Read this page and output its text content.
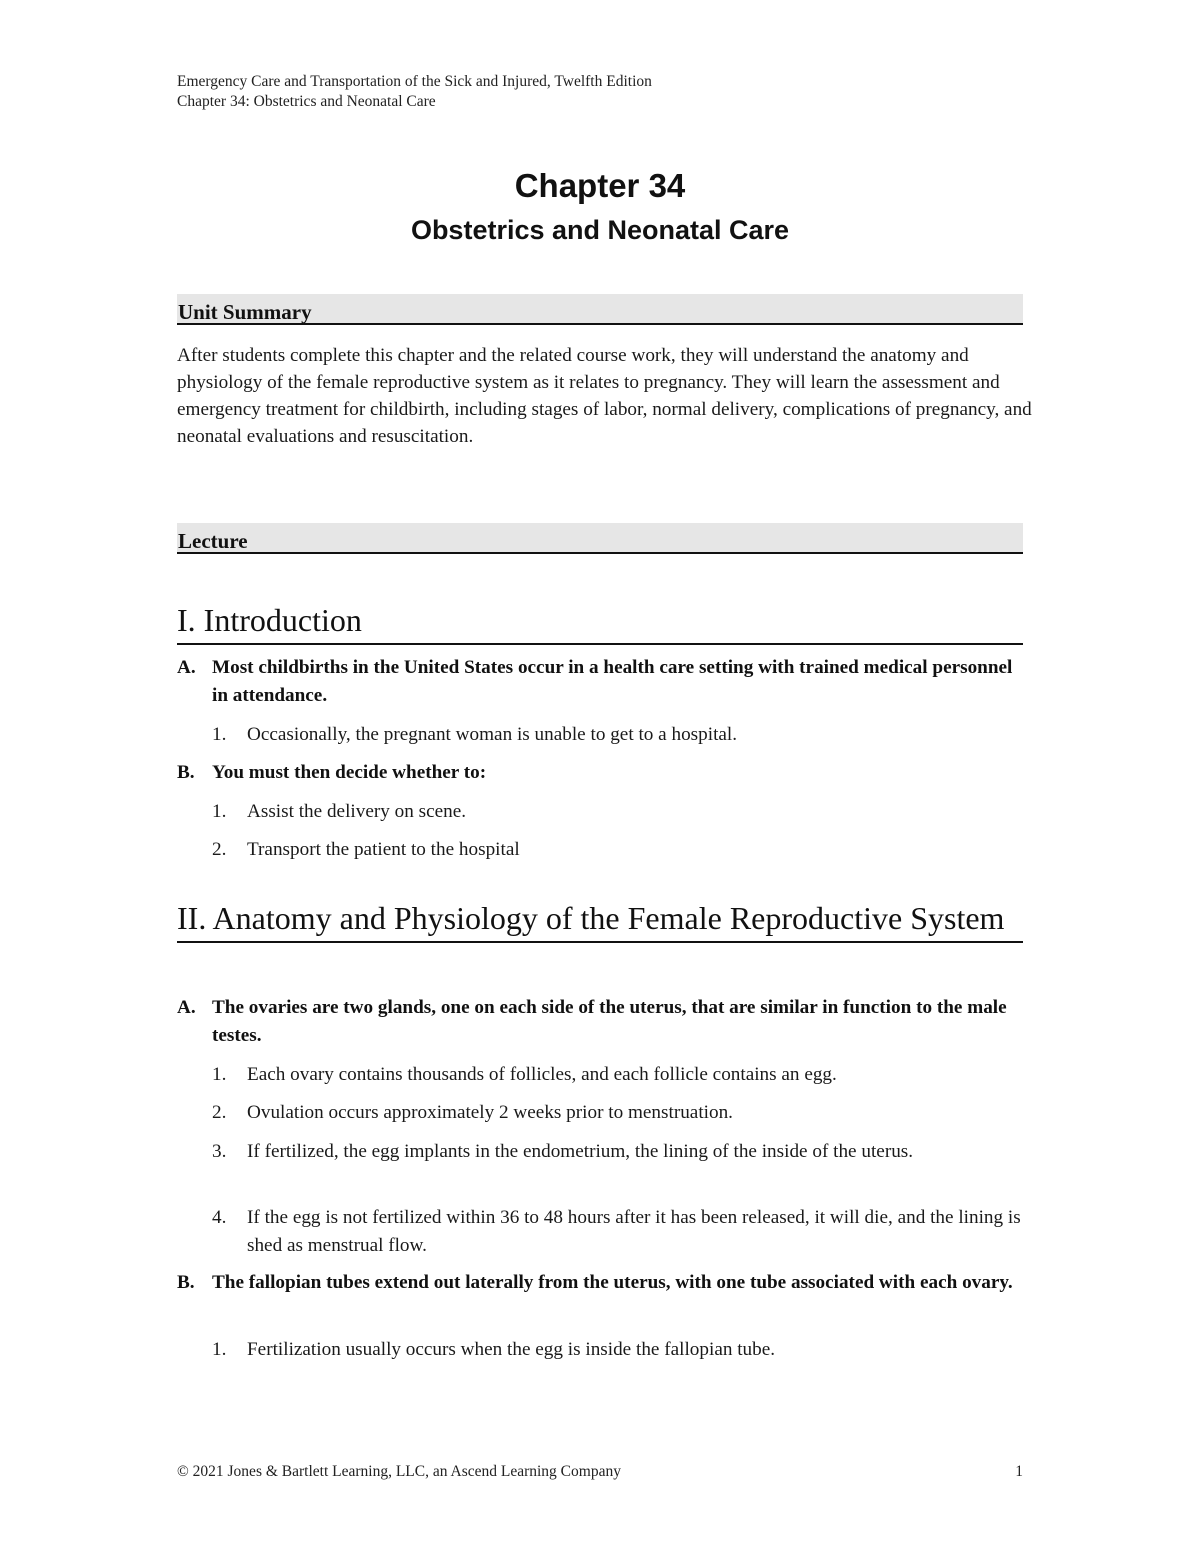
Emergency Care and Transportation of the Sick and Injured, Twelfth Edition
Chapter 34: Obstetrics and Neonatal Care
Chapter 34
Obstetrics and Neonatal Care
Unit Summary
After students complete this chapter and the related course work, they will understand the anatomy and physiology of the female reproductive system as it relates to pregnancy. They will learn the assessment and emergency treatment for childbirth, including stages of labor, normal delivery, complications of pregnancy, and neonatal evaluations and resuscitation.
Lecture
I. Introduction
A. Most childbirths in the United States occur in a health care setting with trained medical personnel in attendance.
1. Occasionally, the pregnant woman is unable to get to a hospital.
B. You must then decide whether to:
1. Assist the delivery on scene.
2. Transport the patient to the hospital
II. Anatomy and Physiology of the Female Reproductive System
A. The ovaries are two glands, one on each side of the uterus, that are similar in function to the male testes.
1. Each ovary contains thousands of follicles, and each follicle contains an egg.
2. Ovulation occurs approximately 2 weeks prior to menstruation.
3. If fertilized, the egg implants in the endometrium, the lining of the inside of the uterus.
4. If the egg is not fertilized within 36 to 48 hours after it has been released, it will die, and the lining is shed as menstrual flow.
B. The fallopian tubes extend out laterally from the uterus, with one tube associated with each ovary.
1. Fertilization usually occurs when the egg is inside the fallopian tube.
© 2021 Jones & Bartlett Learning, LLC, an Ascend Learning Company	1
